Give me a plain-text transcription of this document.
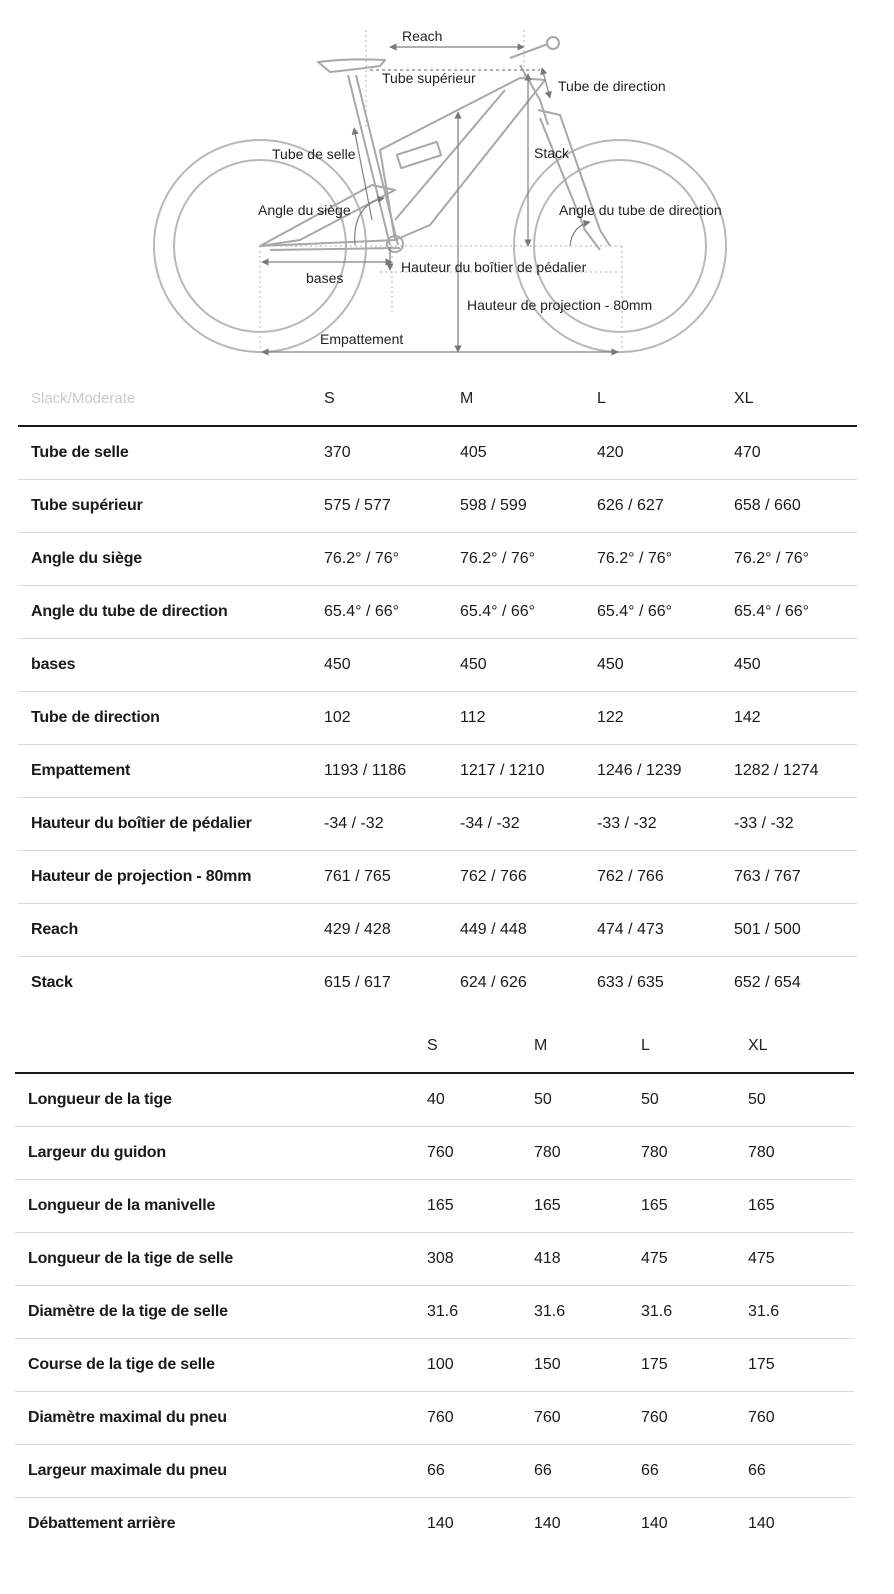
Reach
Tube supérieur	Tube de direction
Tube de selle	Stack
Angle du siège	Angle du tube de direction
Hauteur du boîtier de pédalier
bases
Hauteur de projection - 80mm
Empattement
Slack/Moderate	S	M	L	XL
Tube de selle	370	405	420	470
Tube supérieur	575 / 577	598 / 599	626 / 627	658 / 660
Angle du siège	76.2° / 76°	76.2° / 76°	76.2° / 76°	76.2° / 76°
Angle du tube de direction	65.4° / 66°	65.4° / 66°	65.4° / 66°	65.4° / 66°
bases	450	450	450	450
Tube de direction	102	112	122	142
Empattement	1193 / 1186	1217 / 1210	1246 / 1239	1282 / 1274
Hauteur du boîtier de pédalier	-34 / -32	-34 / -32	-33 / -32	-33 / -32
Hauteur de projection - 80mm	761 / 765	762 / 766	762 / 766	763 / 767
Reach	429 / 428	449 / 448	474 / 473	501 / 500
Stack	615 / 617	624 / 626	633 / 635	652 / 654
	S	M	L	XL
Longueur de la tige	40	50	50	50
Largeur du guidon	760	780	780	780
Longueur de la manivelle	165	165	165	165
Longueur de la tige de selle	308	418	475	475
Diamètre de la tige de selle	31.6	31.6	31.6	31.6
Course de la tige de selle	100	150	175	175
Diamètre maximal du pneu	760	760	760	760
Largeur maximale du pneu	66	66	66	66
Débattement arrière	140	140	140	140
